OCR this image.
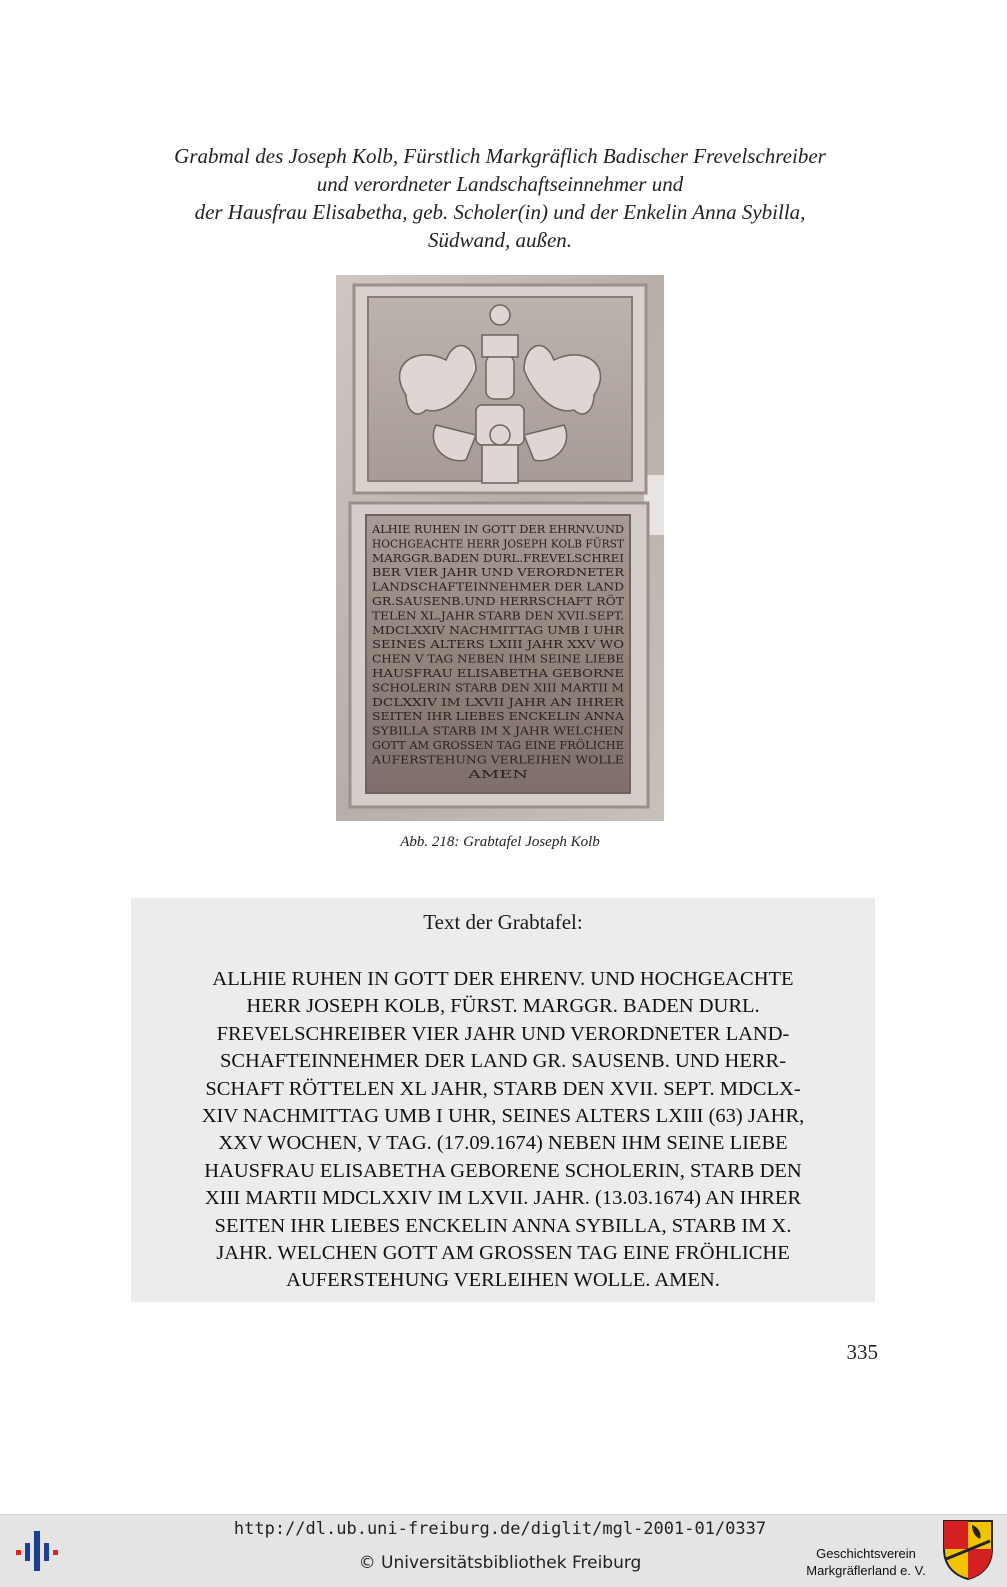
Grabmal des Joseph Kolb, Fürstlich Markgräflich Badischer Frevelschreiber
und verordneter Landschaftseinnehmer und
der Hausfrau Elisabetha, geb. Scholer(in) und der Enkelin Anna Sybilla,
Südwand, außen.
ALHIE RUHEN IN GOTT DER EHRNV.UND
HOCHGEACHTE HERR JOSEPH KOLB FÜRST
MARGGR.BADEN DURL.FREVELSCHREI
BER VIER JAHR UND VERORDNETER
LANDSCHAFTEINNEHMER DER LAND
GR.SAUSENB.UND HERRSCHAFT RÖT
TELEN XL.JAHR STARB DEN XVII.SEPT.
MDCLXXIV NACHMITTAG UMB I UHR
SEINES ALTERS LXIII JAHR XXV WO
CHEN V TAG NEBEN IHM SEINE LIEBE
HAUSFRAU ELISABETHA GEBORNE
SCHOLERIN STARB DEN XIII MARTII M
DCLXXIV IM LXVII JAHR AN IHRER
SEITEN IHR LIEBES ENCKELIN ANNA
SYBILLA STARB IM X JAHR WELCHEN
GOTT AM GROSSEN TAG EINE FRÖLICHE
AUFERSTEHUNG VERLEIHEN WOLLE
AMEN
Abb. 218: Grabtafel Joseph Kolb
Text der Grabtafel:
ALLHIE RUHEN IN GOTT DER EHRENV. UND HOCHGEACHTE
HERR JOSEPH KOLB, FÜRST. MARGGR. BADEN DURL.
FREVELSCHREIBER VIER JAHR UND VERORDNETER LAND-
SCHAFTEINNEHMER DER LAND GR. SAUSENB. UND HERR-
SCHAFT RÖTTELEN XL JAHR, STARB DEN XVII. SEPT. MDCLX-
XIV NACHMITTAG UMB I UHR, SEINES ALTERS LXIII (63) JAHR,
XXV WOCHEN, V TAG. (17.09.1674) NEBEN IHM SEINE LIEBE
HAUSFRAU ELISABETHA GEBORENE SCHOLERIN, STARB DEN
XIII MARTII MDCLXXIV IM LXVII. JAHR. (13.03.1674) AN IHRER
SEITEN IHR LIEBES ENCKELIN ANNA SYBILLA, STARB IM X.
JAHR. WELCHEN GOTT AM GROSSEN TAG EINE FRÖHLICHE
AUFERSTEHUNG VERLEIHEN WOLLE. AMEN.
335
http://dl.ub.uni-freiburg.de/diglit/mgl-2001-01/0337
© Universitätsbibliothek Freiburg	Geschichtsverein
Markgräflerland e. V.
